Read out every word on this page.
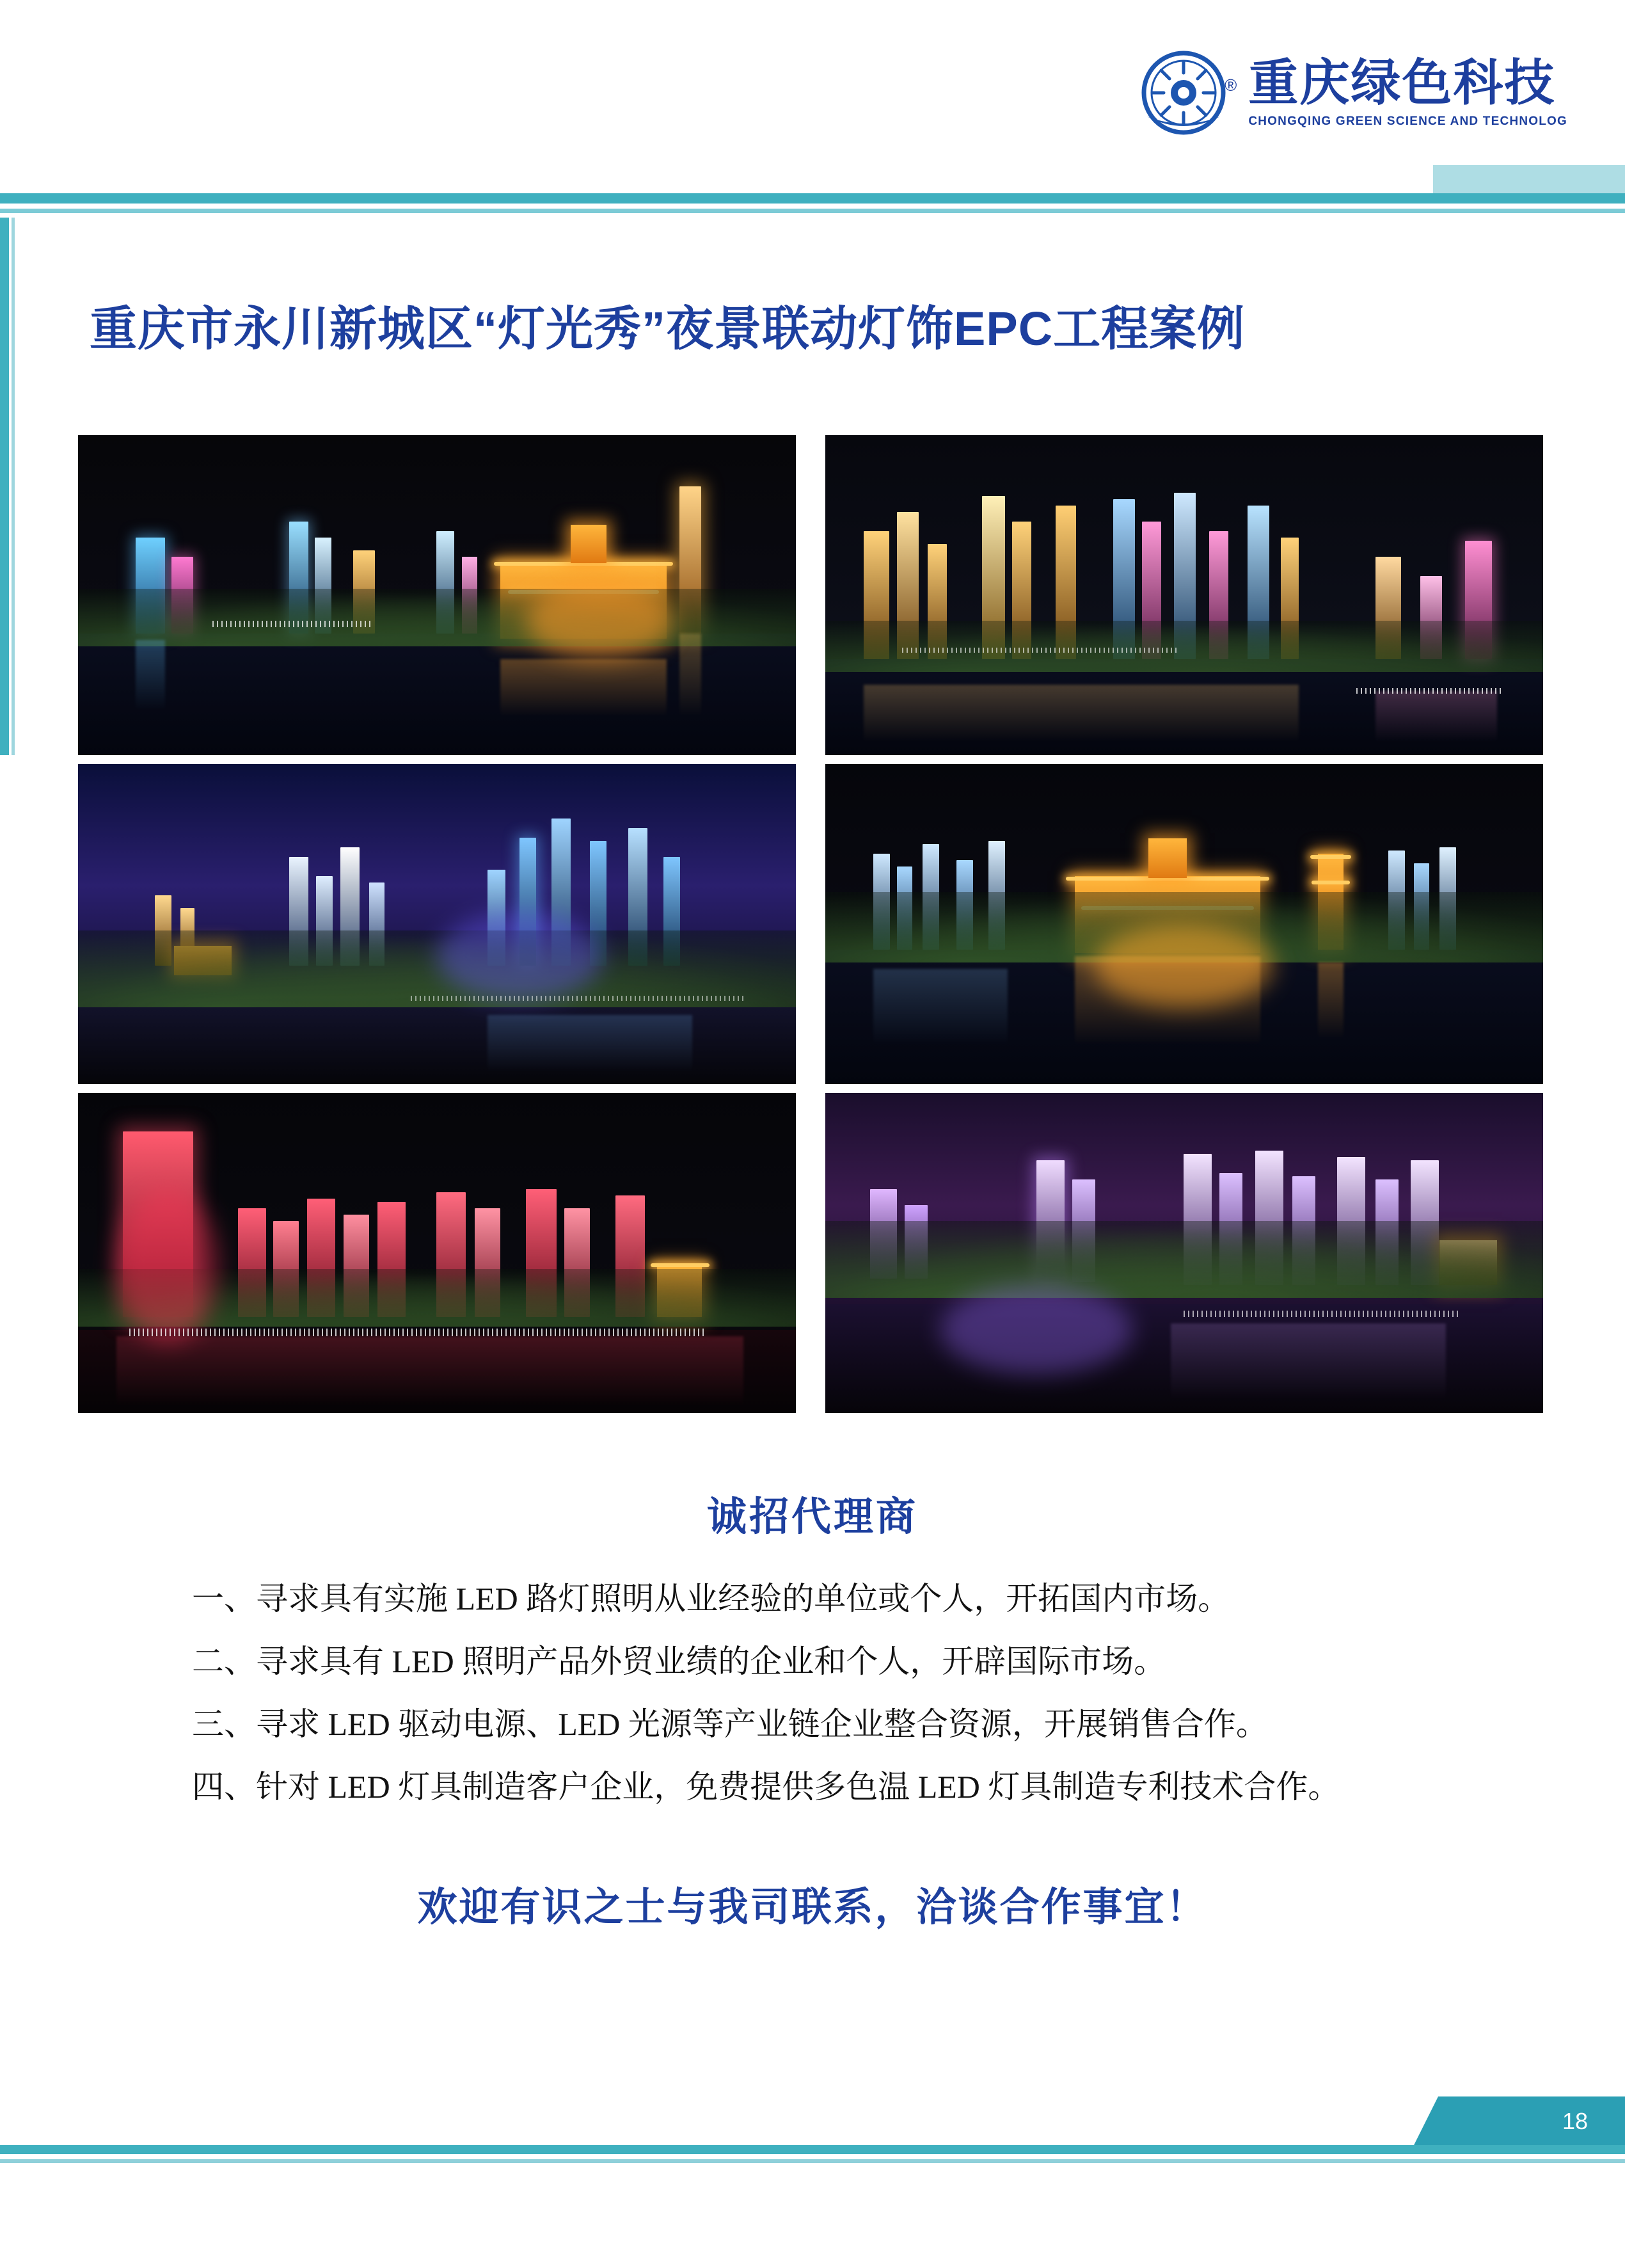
® 重庆绿色科技
CHONGQING GREEN SCIENCE AND TECHNOLOG
重庆市永川新城区“灯光秀”夜景联动灯饰EPC工程案例
诚招代理商
一、寻求具有实施 LED 路灯照明从业经验的单位或个人，开拓国内市场。
二、寻求具有 LED 照明产品外贸业绩的企业和个人，开辟国际市场。
三、寻求 LED 驱动电源、LED 光源等产业链企业整合资源，开展销售合作。
四、针对 LED 灯具制造客户企业，免费提供多色温 LED 灯具制造专利技术合作。
欢迎有识之士与我司联系，洽谈合作事宜！
18
